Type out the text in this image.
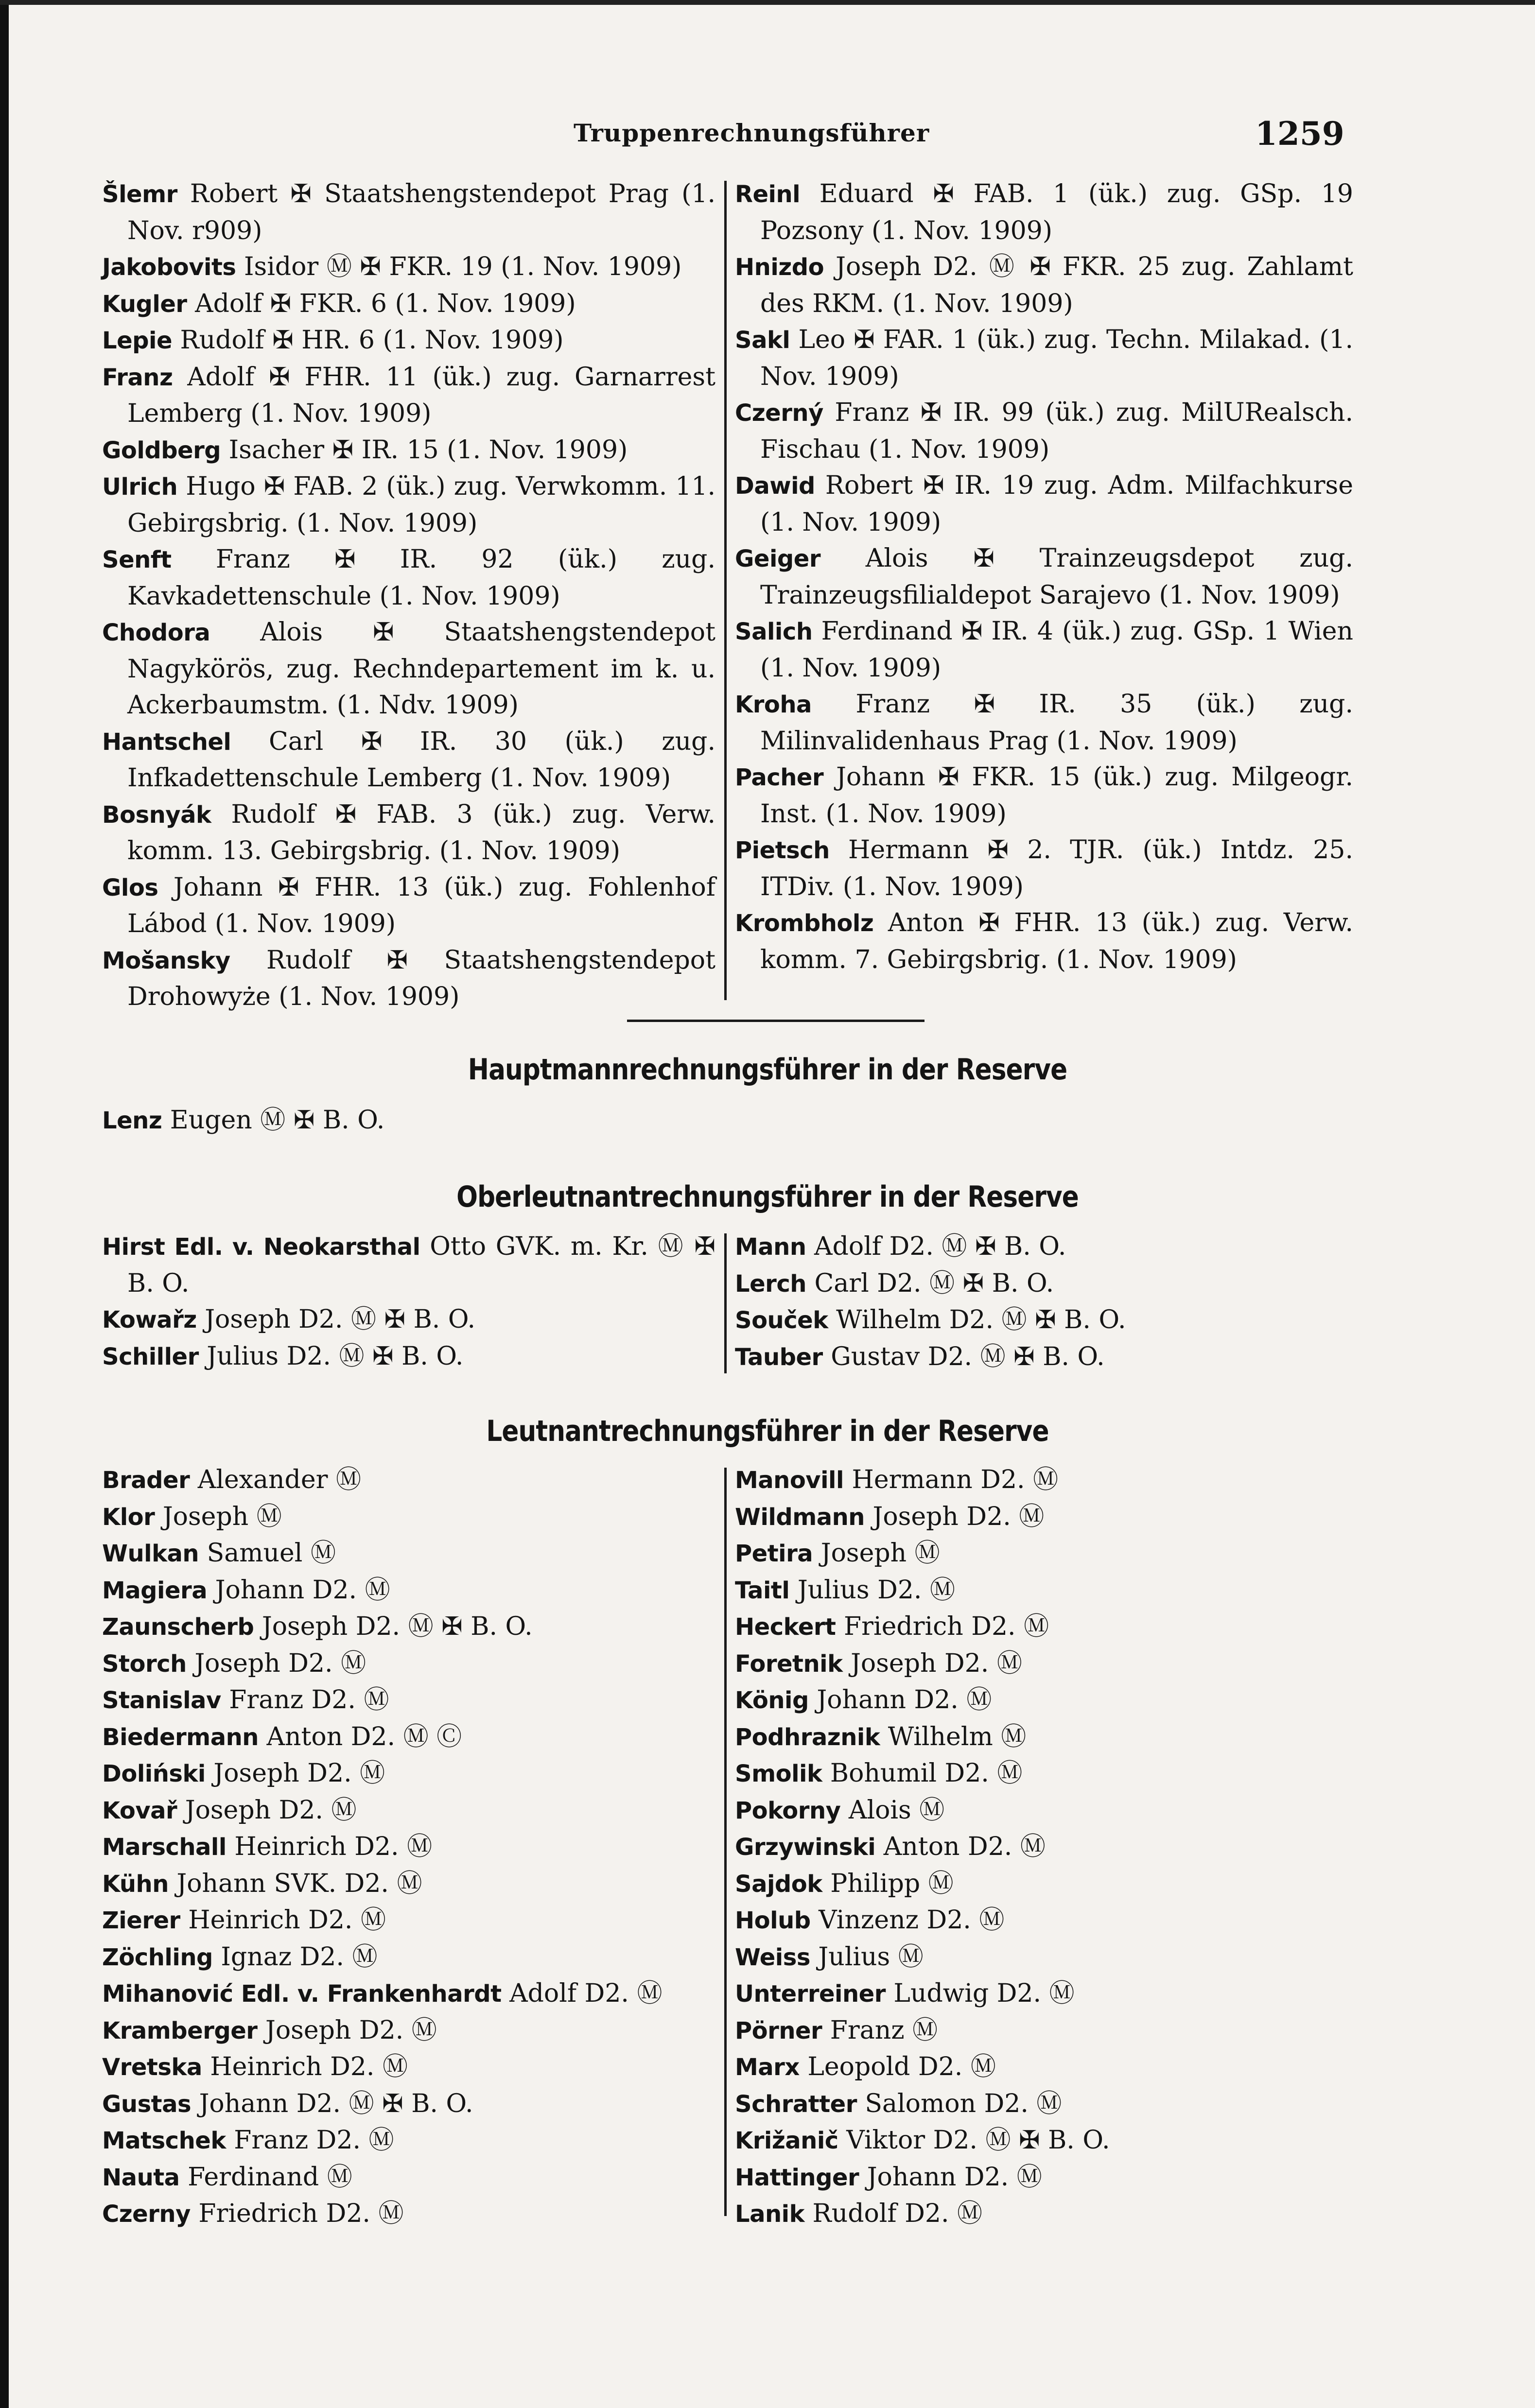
Truppenrechnungsführer	1259

Šlemr Robert ✠ Staatshengstendepot Prag (1. Nov. r909)

Jakobovits Isidor Ⓜ ✠ FKR. 19 (1. Nov. 1909)

Kugler Adolf ✠ FKR. 6 (1. Nov. 1909)

Lepie Rudolf ✠ HR. 6 (1. Nov. 1909)

Franz Adolf ✠ FHR. 11 (ük.) zug. Garnarrest Lemberg (1. Nov. 1909)

Goldberg Isacher ✠ IR. 15 (1. Nov. 1909)

Ulrich Hugo ✠ FAB. 2 (ük.) zug. Verwkomm. 11. Gebirgsbrig. (1. Nov. 1909)

Senft Franz ✠ IR. 92 (ük.) zug. Kavkadettenschule (1. Nov. 1909)

Chodora Alois ✠ Staatshengstendepot Nagykörös, zug. Rechndepartement im k. u. Ackerbaumstm. (1. Ndv. 1909)

Hantschel Carl ✠ IR. 30 (ük.) zug. Infkadettenschule Lemberg (1. Nov. 1909)

Bosnyák Rudolf ✠ FAB. 3 (ük.) zug. Verw. komm. 13. Gebirgsbrig. (1. Nov. 1909)

Glos Johann ✠ FHR. 13 (ük.) zug. Fohlenhof Lábod (1. Nov. 1909)

Mošansky Rudolf ✠ Staatshengstendepot Drohowyże (1. Nov. 1909)

Reinl Eduard ✠ FAB. 1 (ük.) zug. GSp. 19 Pozsony (1. Nov. 1909)

Hnizdo Joseph D2. Ⓜ ✠ FKR. 25 zug. Zahlamt des RKM. (1. Nov. 1909)

Sakl Leo ✠ FAR. 1 (ük.) zug. Techn. Milakad. (1. Nov. 1909)

Czerný Franz ✠ IR. 99 (ük.) zug. MilURealsch. Fischau (1. Nov. 1909)

Dawid Robert ✠ IR. 19 zug. Adm. Milfachkurse (1. Nov. 1909)

Geiger Alois ✠ Trainzeugsdepot zug. Trainzeugsfilialdepot Sarajevo (1. Nov. 1909)

Salich Ferdinand ✠ IR. 4 (ük.) zug. GSp. 1 Wien (1. Nov. 1909)

Kroha Franz ✠ IR. 35 (ük.) zug. Milinvalidenhaus Prag (1. Nov. 1909)

Pacher Johann ✠ FKR. 15 (ük.) zug. Milgeogr. Inst. (1. Nov. 1909)

Pietsch Hermann ✠ 2. TJR. (ük.) Intdz. 25. ITDiv. (1. Nov. 1909)

Krombholz Anton ✠ FHR. 13 (ük.) zug. Verw. komm. 7. Gebirgsbrig. (1. Nov. 1909)

Hauptmannrechnungsführer in der Reserve

Lenz Eugen Ⓜ ✠ B. O.

Oberleutnantrechnungsführer in der Reserve

Hirst Edl. v. Neokarsthal Otto GVK. m. Kr. Ⓜ ✠ B. O.

Kowařz Joseph D2. Ⓜ ✠ B. O.

Schiller Julius D2. Ⓜ ✠ B. O.

Mann Adolf D2. Ⓜ ✠ B. O.

Lerch Carl D2. Ⓜ ✠ B. O.

Souček Wilhelm D2. Ⓜ ✠ B. O.

Tauber Gustav D2. Ⓜ ✠ B. O.

Leutnantrechnungsführer in der Reserve

Brader Alexander Ⓜ

Klor Joseph Ⓜ

Wulkan Samuel Ⓜ

Magiera Johann D2. Ⓜ

Zaunscherb Joseph D2. Ⓜ ✠ B. O.

Storch Joseph D2. Ⓜ

Stanislav Franz D2. Ⓜ

Biedermann Anton D2. Ⓜ Ⓒ

Doliński Joseph D2. Ⓜ

Kovař Joseph D2. Ⓜ

Marschall Heinrich D2. Ⓜ

Kühn Johann SVK. D2. Ⓜ

Zierer Heinrich D2. Ⓜ

Zöchling Ignaz D2. Ⓜ

Mihanović Edl. v. Frankenhardt Adolf D2. Ⓜ

Kramberger Joseph D2. Ⓜ

Vretska Heinrich D2. Ⓜ

Gustas Johann D2. Ⓜ ✠ B. O.

Matschek Franz D2. Ⓜ

Nauta Ferdinand Ⓜ

Czerny Friedrich D2. Ⓜ

Manovill Hermann D2. Ⓜ

Wildmann Joseph D2. Ⓜ

Petira Joseph Ⓜ

Taitl Julius D2. Ⓜ

Heckert Friedrich D2. Ⓜ

Foretnik Joseph D2. Ⓜ

König Johann D2. Ⓜ

Podhraznik Wilhelm Ⓜ

Smolik Bohumil D2. Ⓜ

Pokorny Alois Ⓜ

Grzywinski Anton D2. Ⓜ

Sajdok Philipp Ⓜ

Holub Vinzenz D2. Ⓜ

Weiss Julius Ⓜ

Unterreiner Ludwig D2. Ⓜ

Pörner Franz Ⓜ

Marx Leopold D2. Ⓜ

Schratter Salomon D2. Ⓜ

Križanič Viktor D2. Ⓜ ✠ B. O.

Hattinger Johann D2. Ⓜ

Lanik Rudolf D2. Ⓜ
